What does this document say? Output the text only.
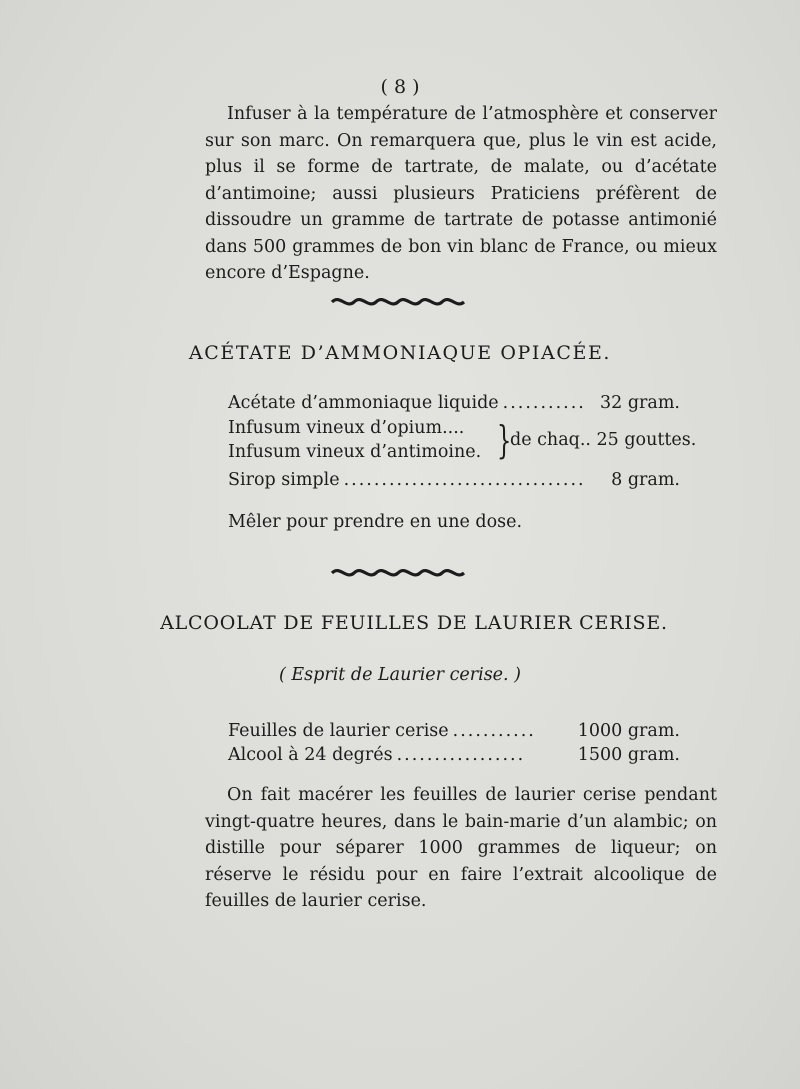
( 8 )

Infuser à la température de l’atmosphère et conserver sur son marc. On remarquera que, plus le vin est acide, plus il se forme de tartrate, de malate, ou d’acétate d’antimoine; aussi plusieurs Praticiens préfèrent de dissoudre un gramme de tartrate de potasse antimonié dans 500 grammes de bon vin blanc de France, ou mieux encore d’Espagne.

ACÉTATE D’AMMONIAQUE OPIACÉE.
Acétate d’ammoniaque liquide ........... 32 gram.
Infusum vineux d’opium....
Infusum vineux d’antimoine. }
de chaq.. 25 gouttes.
Sirop simple ................................	8 gram.
Mêler pour prendre en une dose.
ALCOOLAT DE FEUILLES DE LAURIER CERISE.
( Esprit de Laurier cerise. )
Feuilles de laurier cerise ...........	1000 gram.
Alcool à 24 degrés .................	1500 gram.

On fait macérer les feuilles de laurier cerise pendant vingt-quatre heures, dans le bain-marie d’un alambic; on distille pour séparer 1000 grammes de liqueur; on réserve le résidu pour en faire l’extrait alcoolique de feuilles de laurier cerise.
